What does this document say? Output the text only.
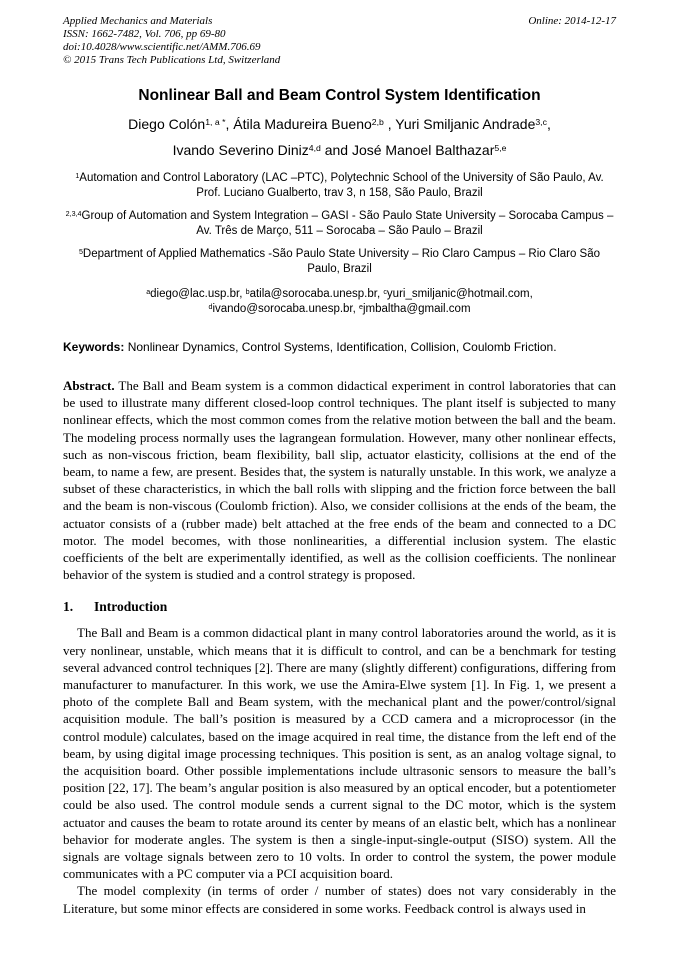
Applied Mechanics and Materials	Online: 2014-12-17
ISSN: 1662-7482, Vol. 706, pp 69-80
doi:10.4028/www.scientific.net/AMM.706.69
© 2015 Trans Tech Publications Ltd, Switzerland
Nonlinear Ball and Beam Control System Identification
Diego Colón$^{1, a *}$, Átila Madureira Bueno$^{2,b}$ , Yuri Smiljanic Andrade$^{3,c}$,
Ivando Severino Diniz$^{4,d}$ and José Manoel Balthazar$^{5,e}$
$^1$Automation and Control Laboratory (LAC –PTC), Polytechnic School of the University of São Paulo, Av. Prof. Luciano Gualberto, trav 3, n 158, São Paulo, Brazil
$^{2,3,4}$Group of Automation and System Integration – GASI - São Paulo State University – Sorocaba Campus – Av. Três de Março, 511 – Sorocaba – São Paulo – Brazil
$^5$Department of Applied Mathematics -São Paulo State University – Rio Claro Campus – Rio Claro São Paulo, Brazil
$^a$diego@lac.usp.br, $^b$atila@sorocaba.unesp.br, $^c$yuri_smiljanic@hotmail.com,
$^d$ivando@sorocaba.unesp.br, $^e$jmbaltha@gmail.com
Keywords: Nonlinear Dynamics, Control Systems, Identification, Collision, Coulomb Friction.

Abstract. The Ball and Beam system is a common didactical experiment in control laboratories that can be used to illustrate many different closed-loop control techniques. The plant itself is subjected to many nonlinear effects, which the most common comes from the relative motion between the ball and the beam. The modeling process normally uses the lagrangean formulation. However, many other nonlinear effects, such as non-viscous friction, beam flexibility, ball slip, actuator elasticity, collisions at the end of the beam, to name a few, are present. Besides that, the system is naturally unstable. In this work, we analyze a subset of these characteristics, in which the ball rolls with slipping and the friction force between the ball and the beam is non-viscous (Coulomb friction). Also, we consider collisions at the ends of the beam, the actuator consists of a (rubber made) belt attached at the free ends of the beam and connected to a DC motor. The model becomes, with those nonlinearities, a differential inclusion system. The elastic coefficients of the belt are experimentally identified, as well as the collision coefficients. The nonlinear behavior of the system is studied and a control strategy is proposed.

1. Introduction

The Ball and Beam is a common didactical plant in many control laboratories around the world, as it is very nonlinear, unstable, which means that it is difficult to control, and can be a benchmark for testing several advanced control techniques [2]. There are many (slightly different) configurations, differing from manufacturer to manufacturer. In this work, we use the Amira-Elwe system [1]. In Fig. 1, we present a photo of the complete Ball and Beam system, with the mechanical plant and the power/control/signal acquisition module. The ball’s position is measured by a CCD camera and a microprocessor (in the control module) calculates, based on the image acquired in real time, the distance from the left end of the beam, by using digital image processing techniques. This position is sent, as an analog voltage signal, to the acquisition board. Other possible implementations include ultrasonic sensors to measure the ball’s position [22, 17]. The beam’s angular position is also measured by an optical encoder, but a potentiometer could be also used. The control module sends a current signal to the DC motor, which is the system actuator and causes the beam to rotate around its center by means of an elastic belt, which has a nonlinear behavior for moderate angles. The system is then a single-input-single-output (SISO) system. All the signals are voltage signals between zero to 10 volts. In order to control the system, the power module communicates with a PC computer via a PCI acquisition board.

The model complexity (in terms of order / number of states) does not vary considerably in the Literature, but some minor effects are considered in some works. Feedback control is always used in
